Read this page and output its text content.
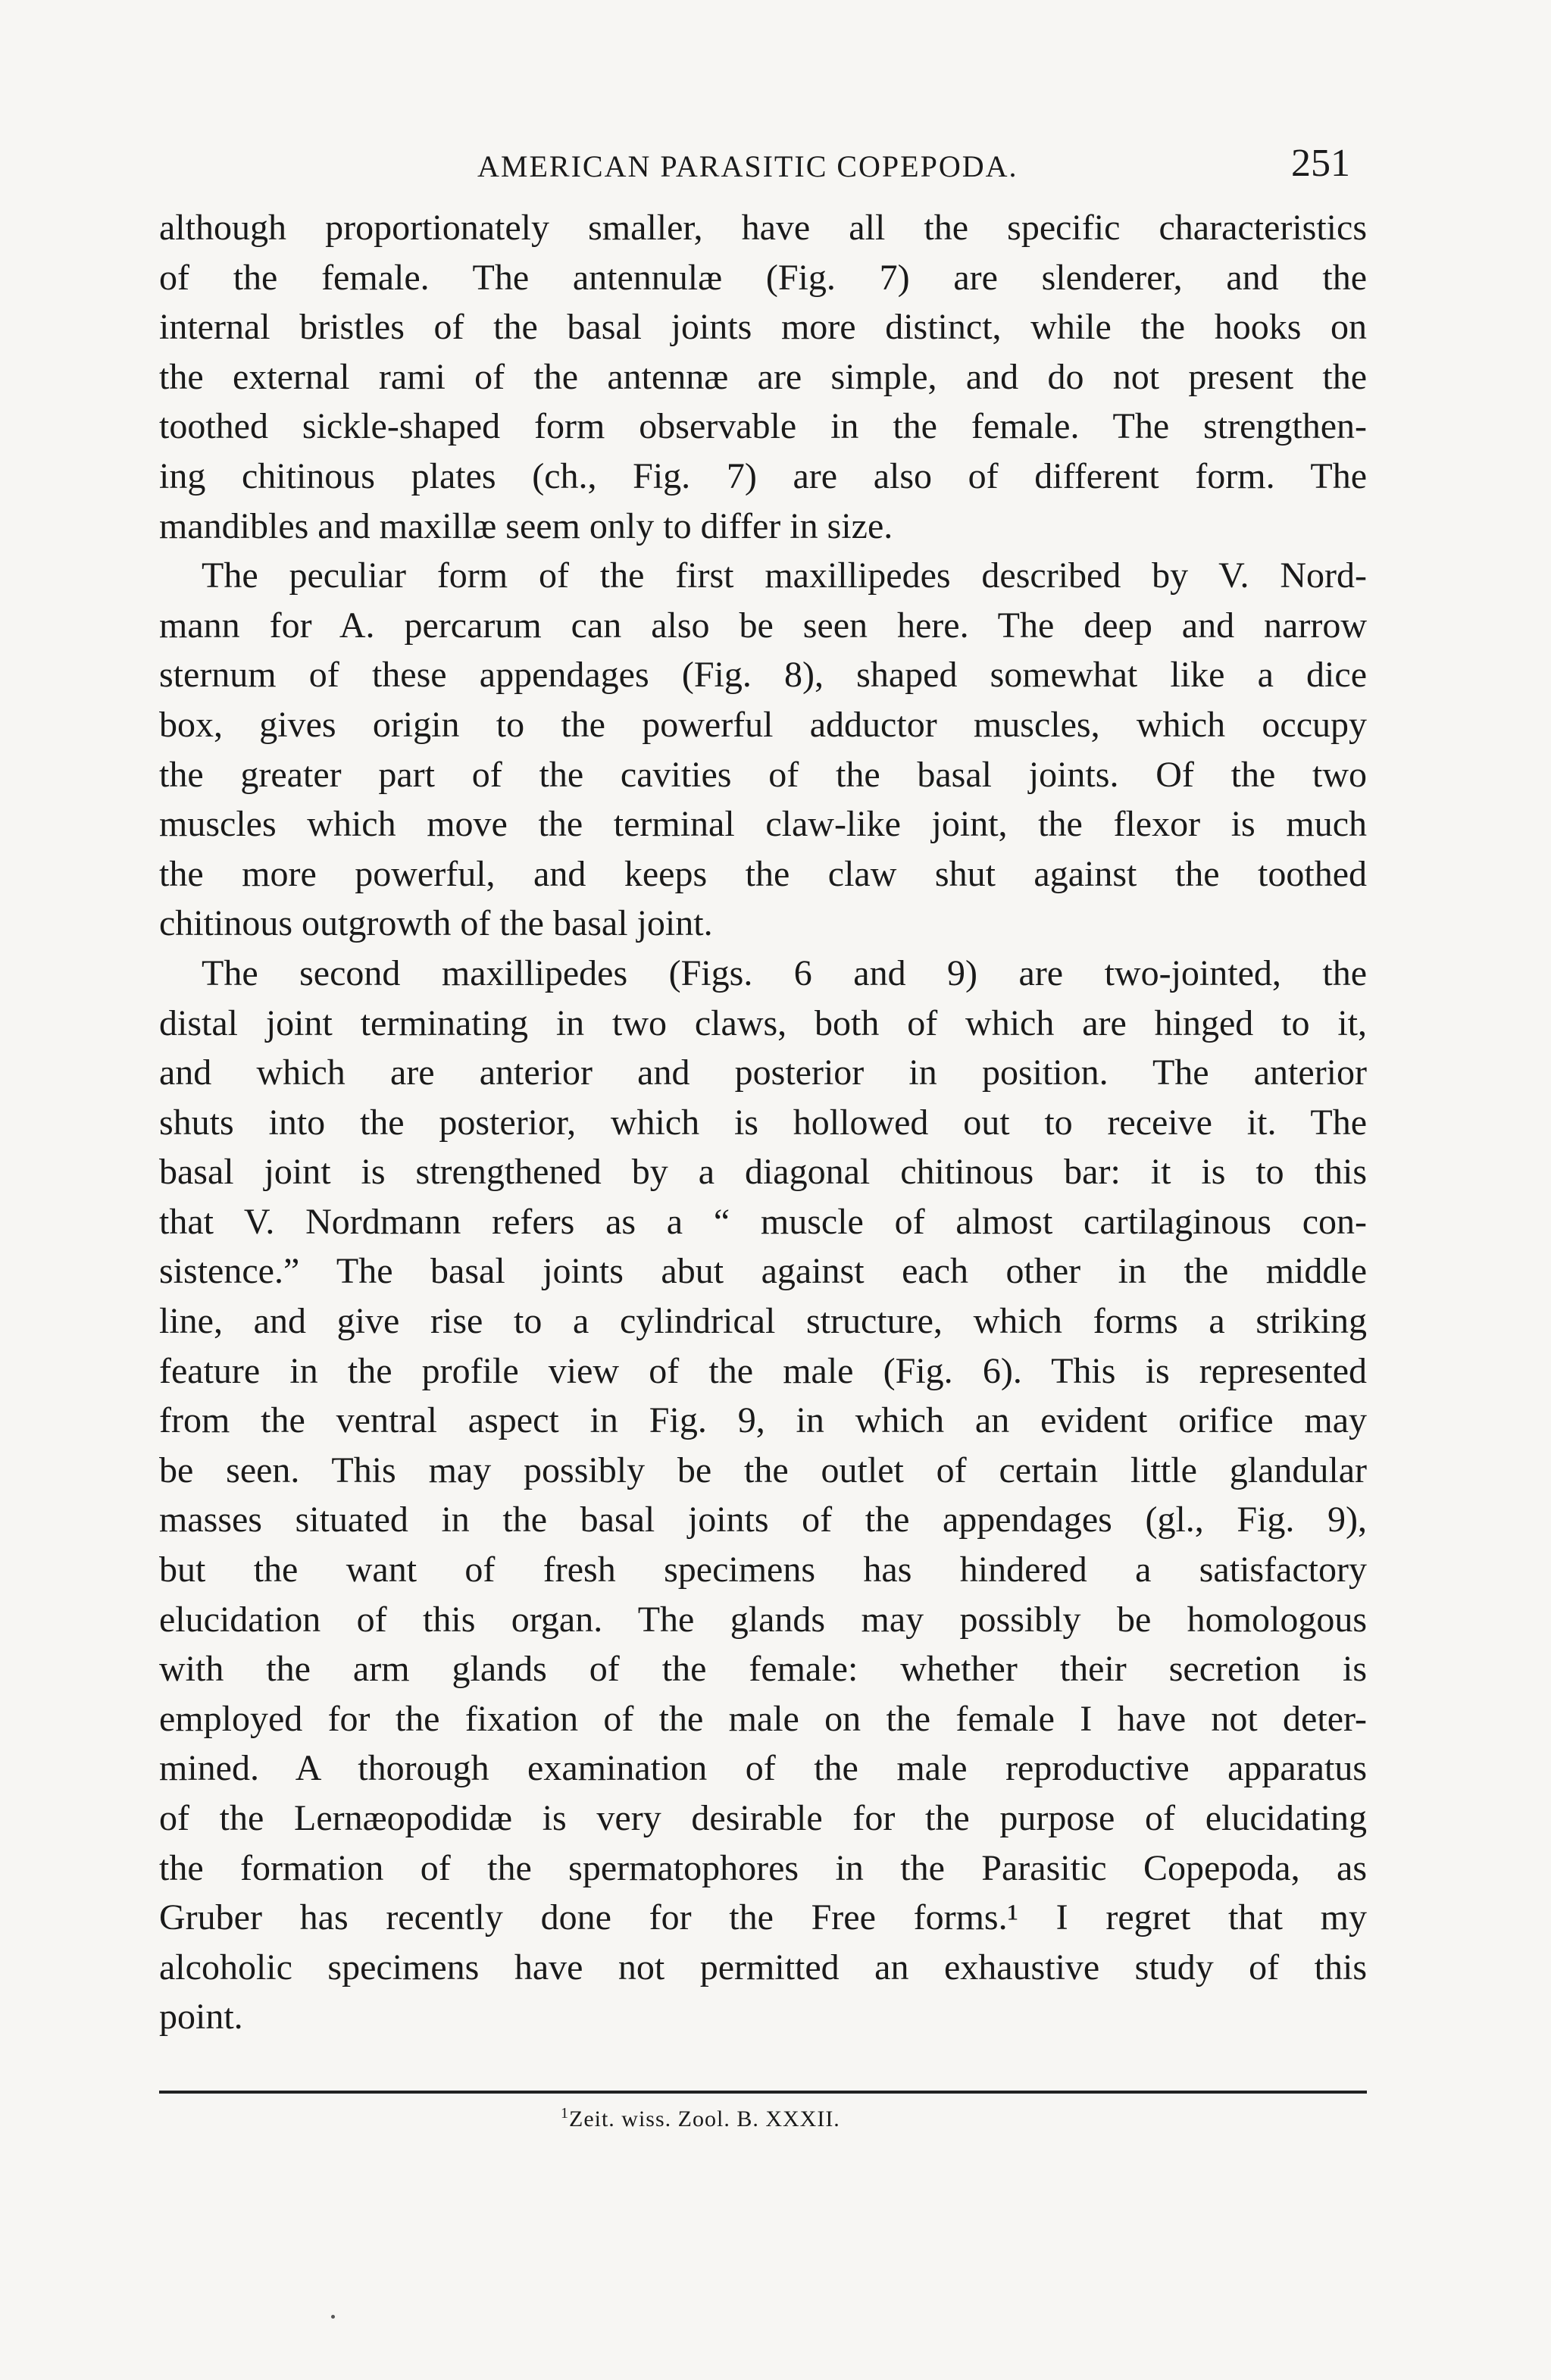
AMERICAN PARASITIC COPEPODA.	251
although proportionately smaller, have all the specific characteristics
of the female. The antennulæ (Fig. 7) are slenderer, and the
internal bristles of the basal joints more distinct, while the hooks on
the external rami of the antennæ are simple, and do not present the
toothed sickle-shaped form observable in the female. The strengthen-
ing chitinous plates (ch., Fig. 7) are also of different form. The
mandibles and maxillæ seem only to differ in size.
The peculiar form of the first maxillipedes described by V. Nord-
mann for A. percarum can also be seen here. The deep and narrow
sternum of these appendages (Fig. 8), shaped somewhat like a dice
box, gives origin to the powerful adductor muscles, which occupy
the greater part of the cavities of the basal joints. Of the two
muscles which move the terminal claw-like joint, the flexor is much
the more powerful, and keeps the claw shut against the toothed
chitinous outgrowth of the basal joint.
The second maxillipedes (Figs. 6 and 9) are two-jointed, the
distal joint terminating in two claws, both of which are hinged to it,
and which are anterior and posterior in position. The anterior
shuts into the posterior, which is hollowed out to receive it. The
basal joint is strengthened by a diagonal chitinous bar: it is to this
that V. Nordmann refers as a “ muscle of almost cartilaginous con-
sistence.” The basal joints abut against each other in the middle
line, and give rise to a cylindrical structure, which forms a striking
feature in the profile view of the male (Fig. 6). This is represented
from the ventral aspect in Fig. 9, in which an evident orifice may
be seen. This may possibly be the outlet of certain little glandular
masses situated in the basal joints of the appendages (gl., Fig. 9),
but the want of fresh specimens has hindered a satisfactory
elucidation of this organ. The glands may possibly be homologous
with the arm glands of the female: whether their secretion is
employed for the fixation of the male on the female I have not deter-
mined. A thorough examination of the male reproductive apparatus
of the Lernæopodidæ is very desirable for the purpose of elucidating
the formation of the spermatophores in the Parasitic Copepoda, as
Gruber has recently done for the Free forms.¹ I regret that my
alcoholic specimens have not permitted an exhaustive study of this
point.
$^1$Zeit. wiss. Zool. B. XXXII.
